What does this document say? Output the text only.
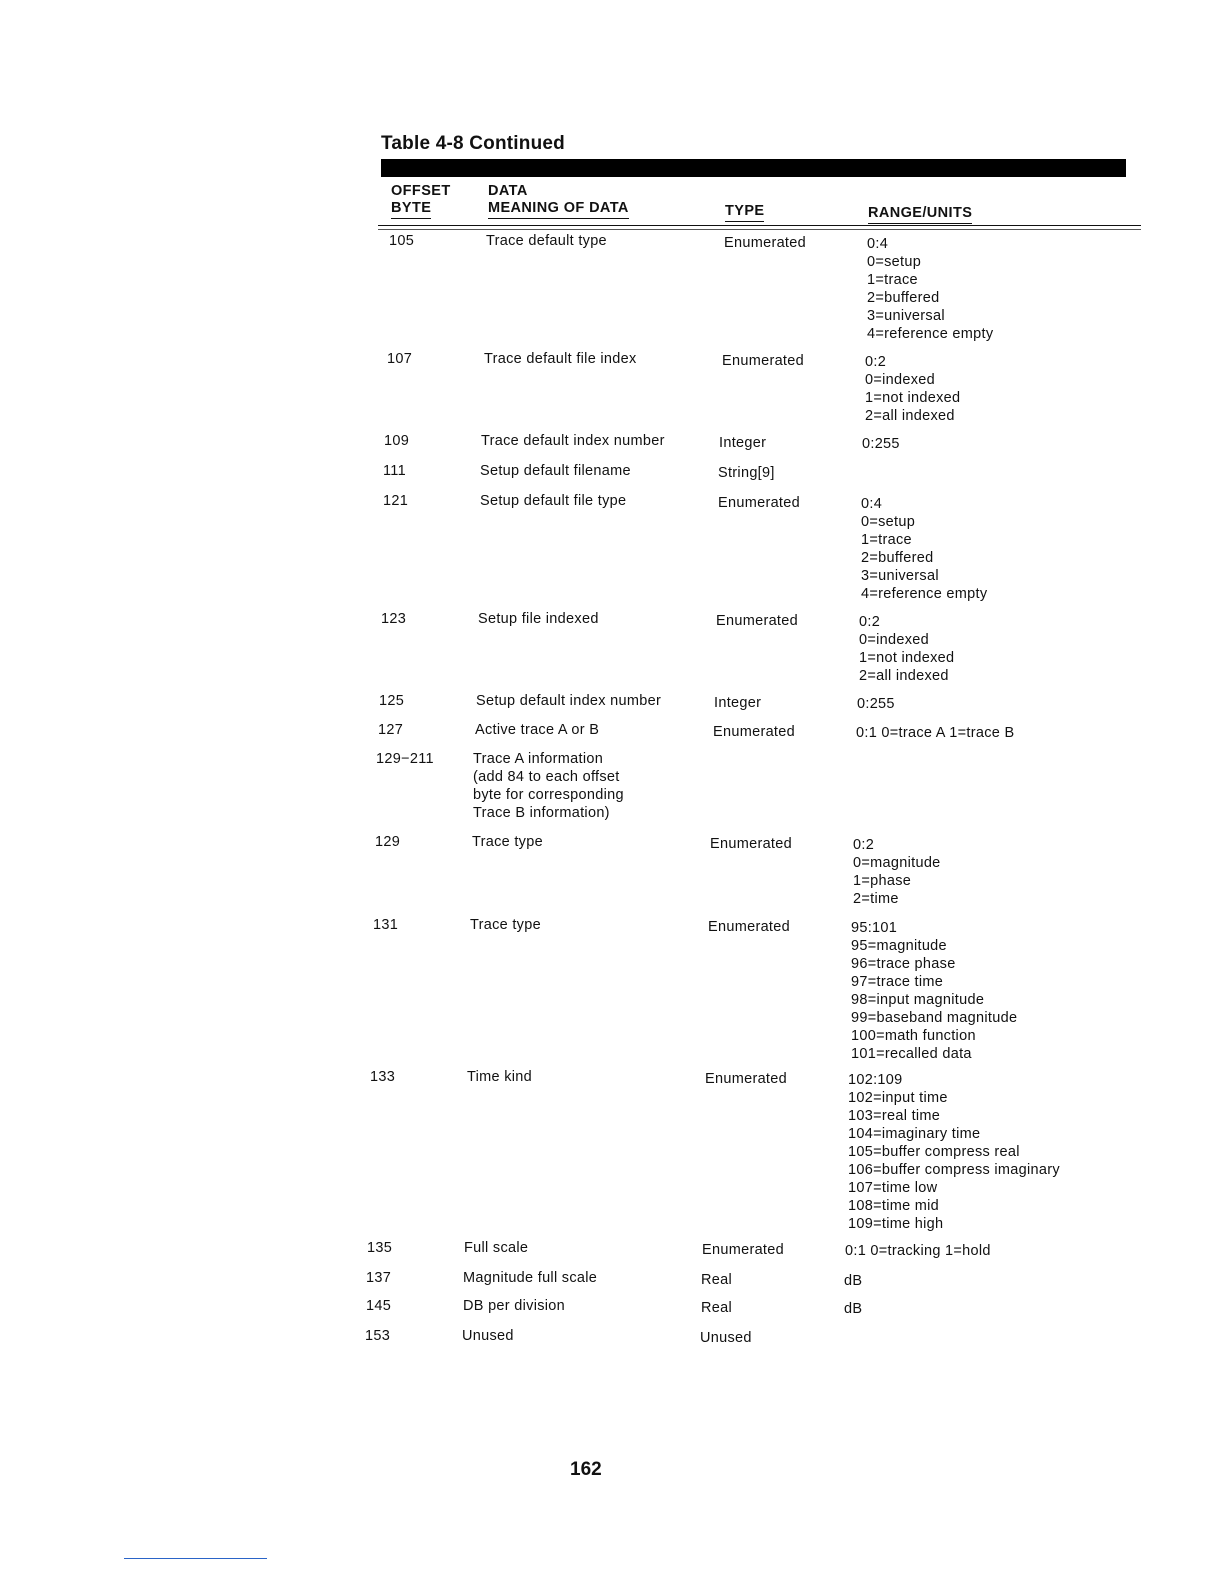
Table 4-8 Continued
OFFSET
BYTE
DATA
MEANING OF DATA	TYPE	RANGE/UNITS
105	Trace default type	Enumerated	0:4
0=setup
1=trace
2=buffered
3=universal
4=reference empty
107	Trace default file index	Enumerated	0:2
0=indexed
1=not indexed
2=all indexed
109	Trace default index number	Integer	0:255
111	Setup default filename	String[9]
121	Setup default file type	Enumerated	0:4
0=setup
1=trace
2=buffered
3=universal
4=reference empty
123	Setup file indexed	Enumerated	0:2
0=indexed
1=not indexed
2=all indexed
125	Setup default index number	Integer	0:255
127	Active trace A or B	Enumerated	0:1 0=trace A 1=trace B
129−211	Trace A information
(add 84 to each offset
byte for corresponding
Trace B information)
129	Trace type	Enumerated	0:2
0=magnitude
1=phase
2=time
131	Trace type	Enumerated	95:101
95=magnitude
96=trace phase
97=trace time
98=input magnitude
99=baseband magnitude
100=math function
101=recalled data
133	Time kind	Enumerated	102:109
102=input time
103=real time
104=imaginary time
105=buffer compress real
106=buffer compress imaginary
107=time low
108=time mid
109=time high
135	Full scale	Enumerated	0:1 0=tracking 1=hold
137	Magnitude full scale	Real	dB
145	DB per division	Real	dB
153	Unused	Unused
162
